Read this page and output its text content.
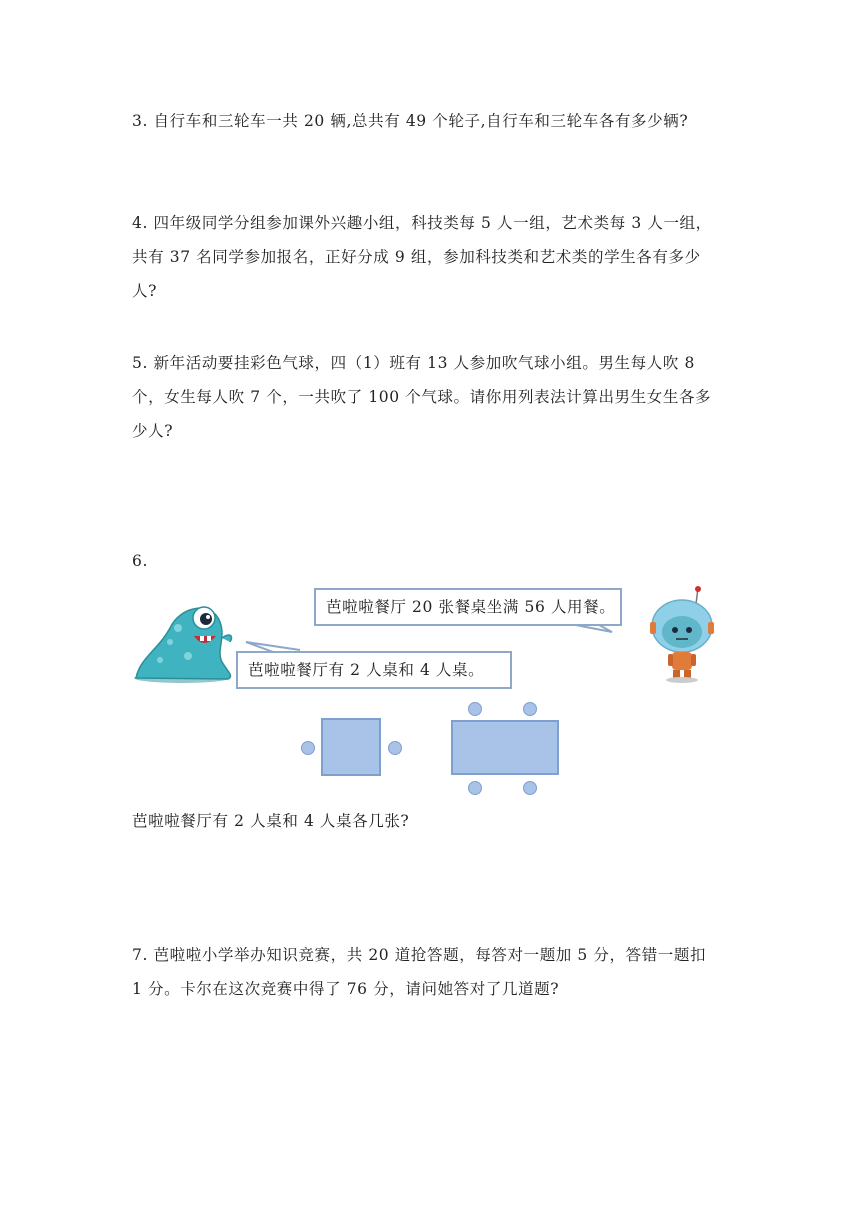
3. 自行车和三轮车一共 20 辆,总共有 49 个轮子,自行车和三轮车各有多少辆?
4. 四年级同学分组参加课外兴趣小组，科技类每 5 人一组，艺术类每 3 人一组，
共有 37 名同学参加报名，正好分成 9 组，参加科技类和艺术类的学生各有多少
人?
5. 新年活动要挂彩色气球，四（1）班有 13 人参加吹气球小组。男生每人吹 8
个，女生每人吹 7 个，一共吹了 100 个气球。请你用列表法计算出男生女生各多
少人?
6.
芭啦啦餐厅 20 张餐桌坐满 56 人用餐。
芭啦啦餐厅有 2 人桌和 4 人桌。
芭啦啦餐厅有 2 人桌和 4 人桌各几张?
7. 芭啦啦小学举办知识竞赛，共 20 道抢答题，每答对一题加 5 分，答错一题扣
1 分。卡尔在这次竞赛中得了 76 分，请问她答对了几道题?
